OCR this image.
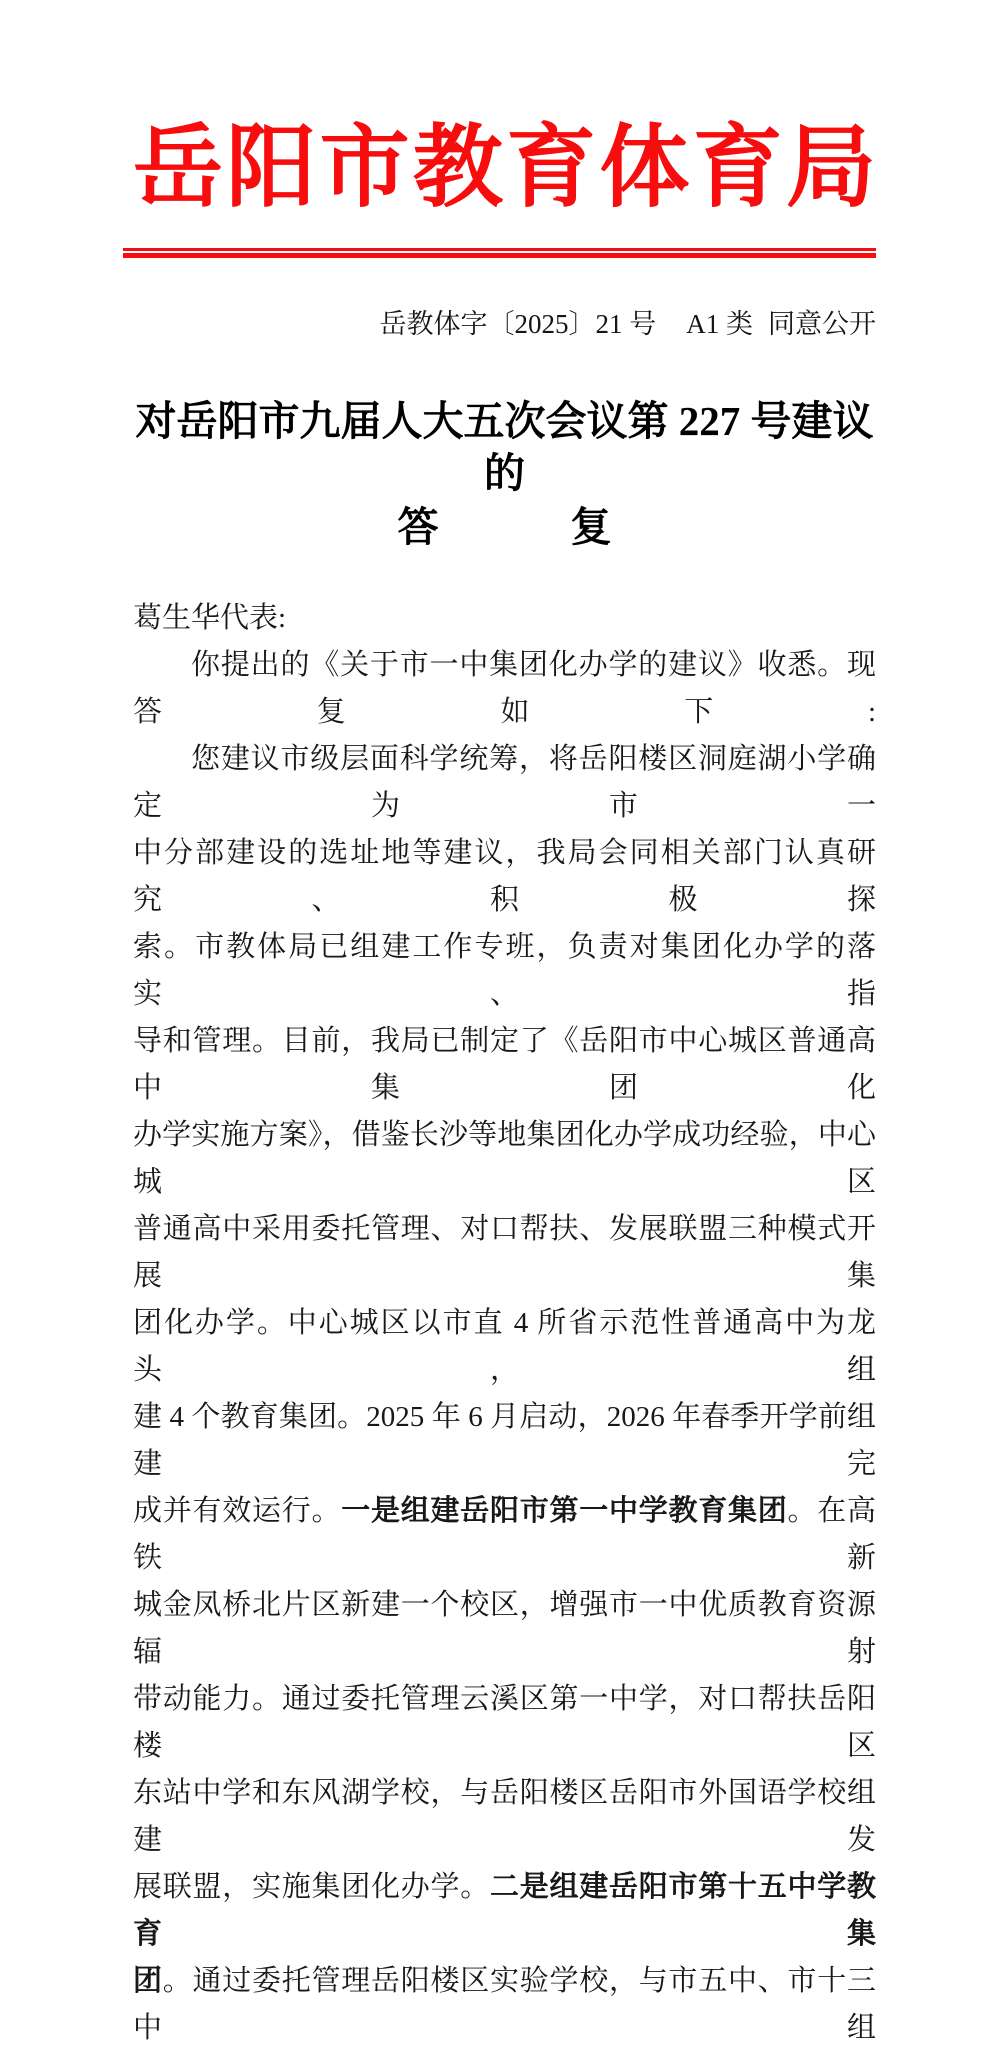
岳 阳 市 教 育 体 育 局
岳教体字〔2025〕21 号 A1 类 同意公开
对岳阳市九届人大五次会议第 227 号建议的
答	复
葛生华代表:
你提出的《关于市一中集团化办学的建议》收悉。现答复如下:
您建议市级层面科学统筹，将岳阳楼区洞庭湖小学确定为市一
中分部建设的选址地等建议，我局会同相关部门认真研究、积极探
索。市教体局已组建工作专班，负责对集团化办学的落实、指
导和管理。目前，我局已制定了《岳阳市中心城区普通高中集团化
办学实施方案》，借鉴长沙等地集团化办学成功经验，中心城区
普通高中采用委托管理、对口帮扶、发展联盟三种模式开展集
团化办学。中心城区以市直 4 所省示范性普通高中为龙头，组
建 4 个教育集团。2025 年 6 月启动，2026 年春季开学前组建完
成并有效运行。一是组建岳阳市第一中学教育集团。在高铁新
城金凤桥北片区新建一个校区，增强市一中优质教育资源辐射
带动能力。通过委托管理云溪区第一中学，对口帮扶岳阳楼区
东站中学和东风湖学校，与岳阳楼区岳阳市外国语学校组建发
展联盟，实施集团化办学。二是组建岳阳市第十五中学教育集
团。通过委托管理岳阳楼区实验学校，与市五中、市十三中组
